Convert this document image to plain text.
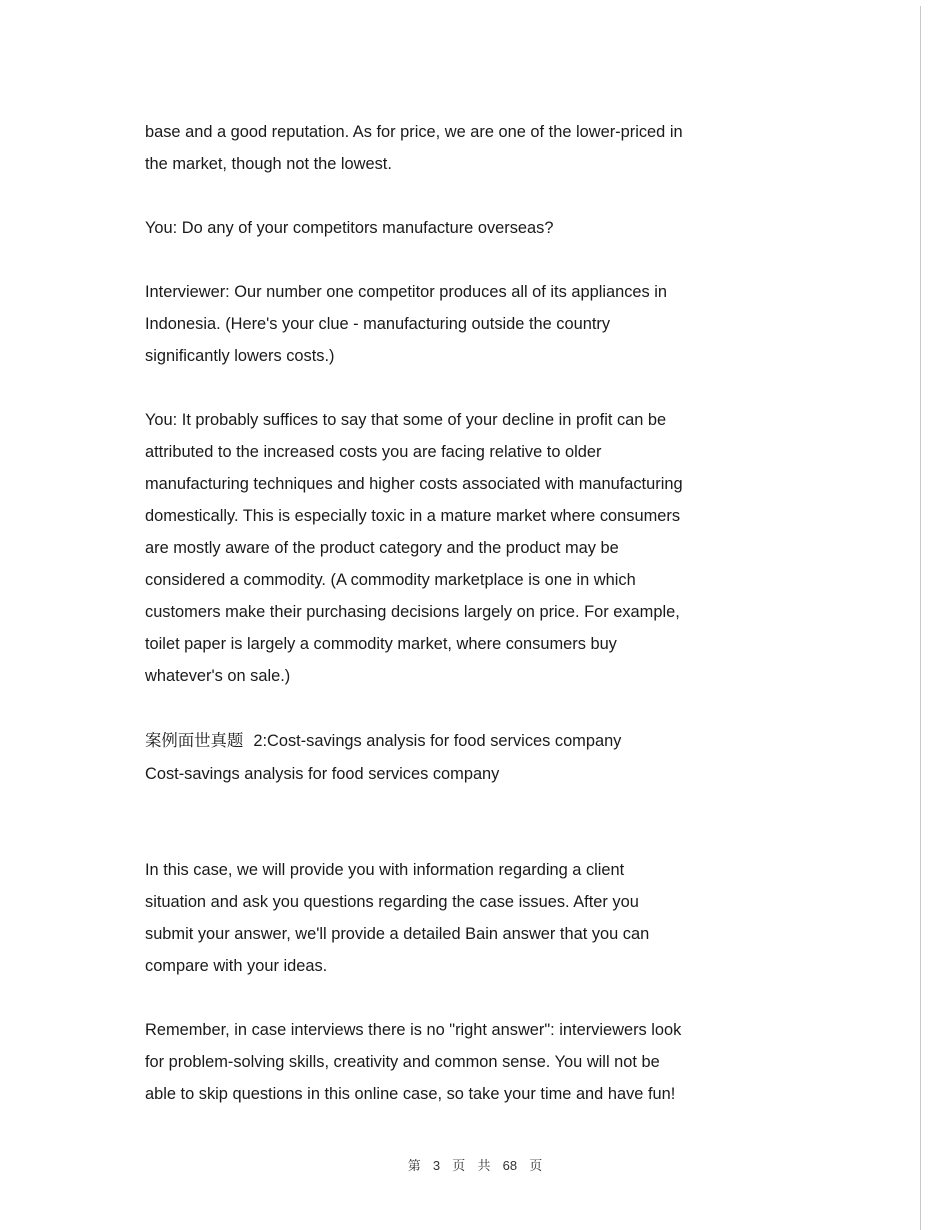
base and a good reputation. As for price, we are one of the lower-priced in
the market, though not the lowest.
You: Do any of your competitors manufacture overseas?
Interviewer: Our number one competitor produces all of its appliances in
Indonesia. (Here's your clue - manufacturing outside the country
significantly lowers costs.)
You: It probably suffices to say that some of your decline in profit can be
attributed to the increased costs you are facing relative to older
manufacturing techniques and higher costs associated with manufacturing
domestically. This is especially toxic in a mature market where consumers
are mostly aware of the product category and the product may be
considered a commodity. (A commodity marketplace is one in which
customers make their purchasing decisions largely on price. For example,
toilet paper is largely a commodity market, where consumers buy
whatever's on sale.)
案例面世真题 2:Cost-savings analysis for food services company
Cost-savings analysis for food services company
In this case, we will provide you with information regarding a client
situation and ask you questions regarding the case issues. After you
submit your answer, we'll provide a detailed Bain answer that you can
compare with your ideas.
Remember, in case interviews there is no "right answer": interviewers look
for problem-solving skills, creativity and common sense. You will not be
able to skip questions in this online case, so take your time and have fun!
第 3 页 共 68 页
